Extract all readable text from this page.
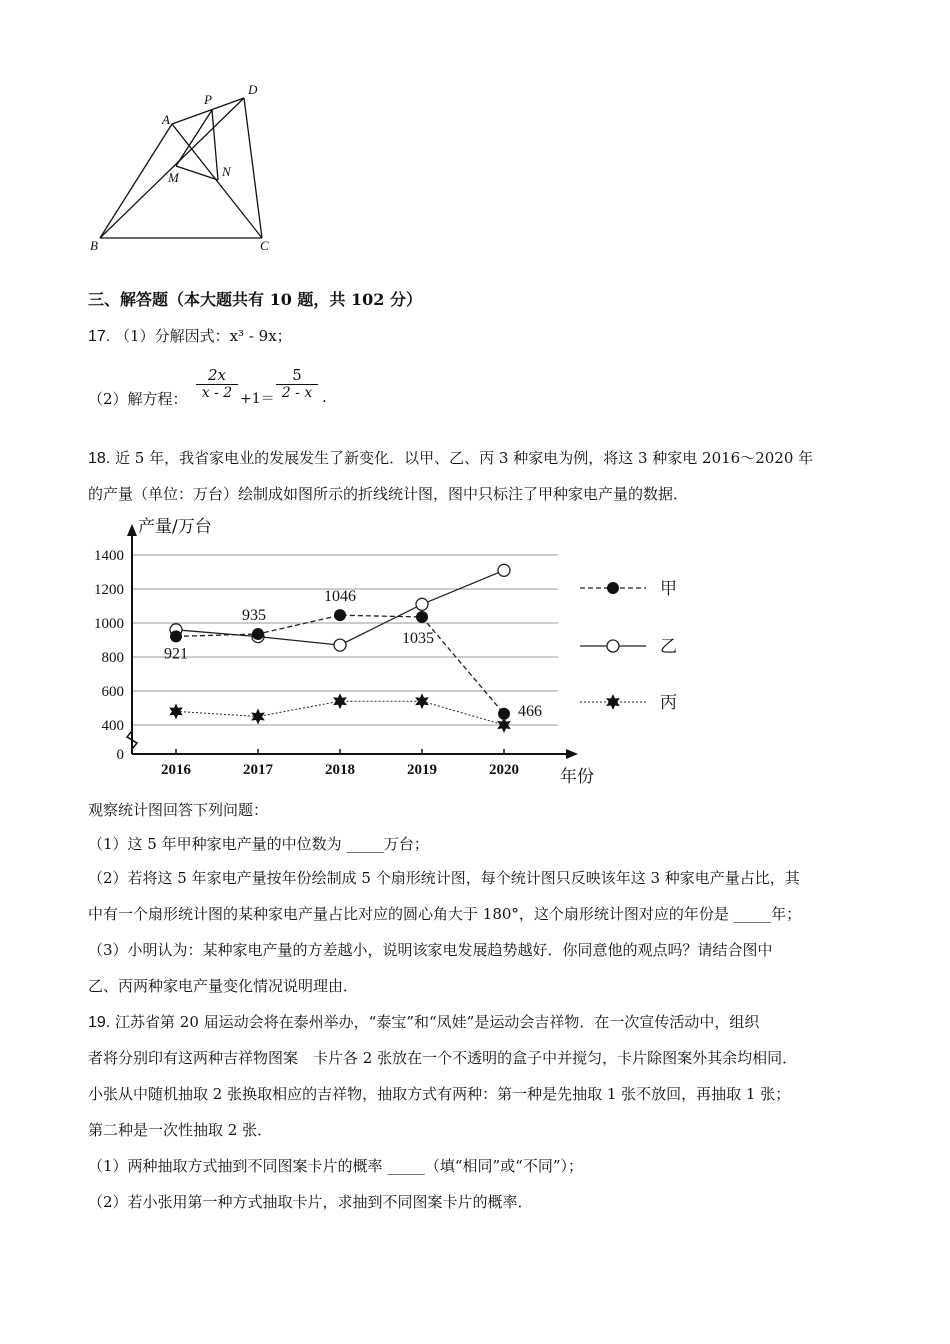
A
P
D
M	N
B	C
三、解答题（本大题共有 10 题，共 102 分）
17. （1）分解因式：x³ - 9x；
（2）解方程： $\frac{2x}{x - 2} +1= \frac{5}{2 - x}$ .
18. 近 5 年，我省家电业的发展发生了新变化．以甲、乙、丙 3 种家电为例，将这 3 种家电 2016～2020 年
的产量（单位：万台）绘制成如图所示的折线统计图，图中只标注了甲种家电产量的数据．
产量/万台
年份
1400
1200
1000
800
600
400
0
2016	2017	2018	2019	2020
921
935
1046
1035
466
甲
乙
丙
观察统计图回答下列问题：
（1）这 5 年甲种家电产量的中位数为 _____万台；
（2）若将这 5 年家电产量按年份绘制成 5 个扇形统计图，每个统计图只反映该年这 3 种家电产量占比，其
中有一个扇形统计图的某种家电产量占比对应的圆心角大于 180°，这个扇形统计图对应的年份是 _____年；
（3）小明认为：某种家电产量的方差越小，说明该家电发展趋势越好．你同意他的观点吗？请结合图中
乙、丙两种家电产量变化情况说明理由．
19. 江苏省第 20 届运动会将在泰州举办，“泰宝”和“凤娃”是运动会吉祥物．在一次宣传活动中，组织
者将分别印有这两种吉祥物图案　卡片各 2 张放在一个不透明的盒子中并搅匀，卡片除图案外其余均相同．
小张从中随机抽取 2 张换取相应的吉祥物，抽取方式有两种：第一种是先抽取 1 张不放回，再抽取 1 张；
第二种是一次性抽取 2 张．
（1）两种抽取方式抽到不同图案卡片的概率 _____（填“相同”或“不同”）；
（2）若小张用第一种方式抽取卡片，求抽到不同图案卡片的概率．
